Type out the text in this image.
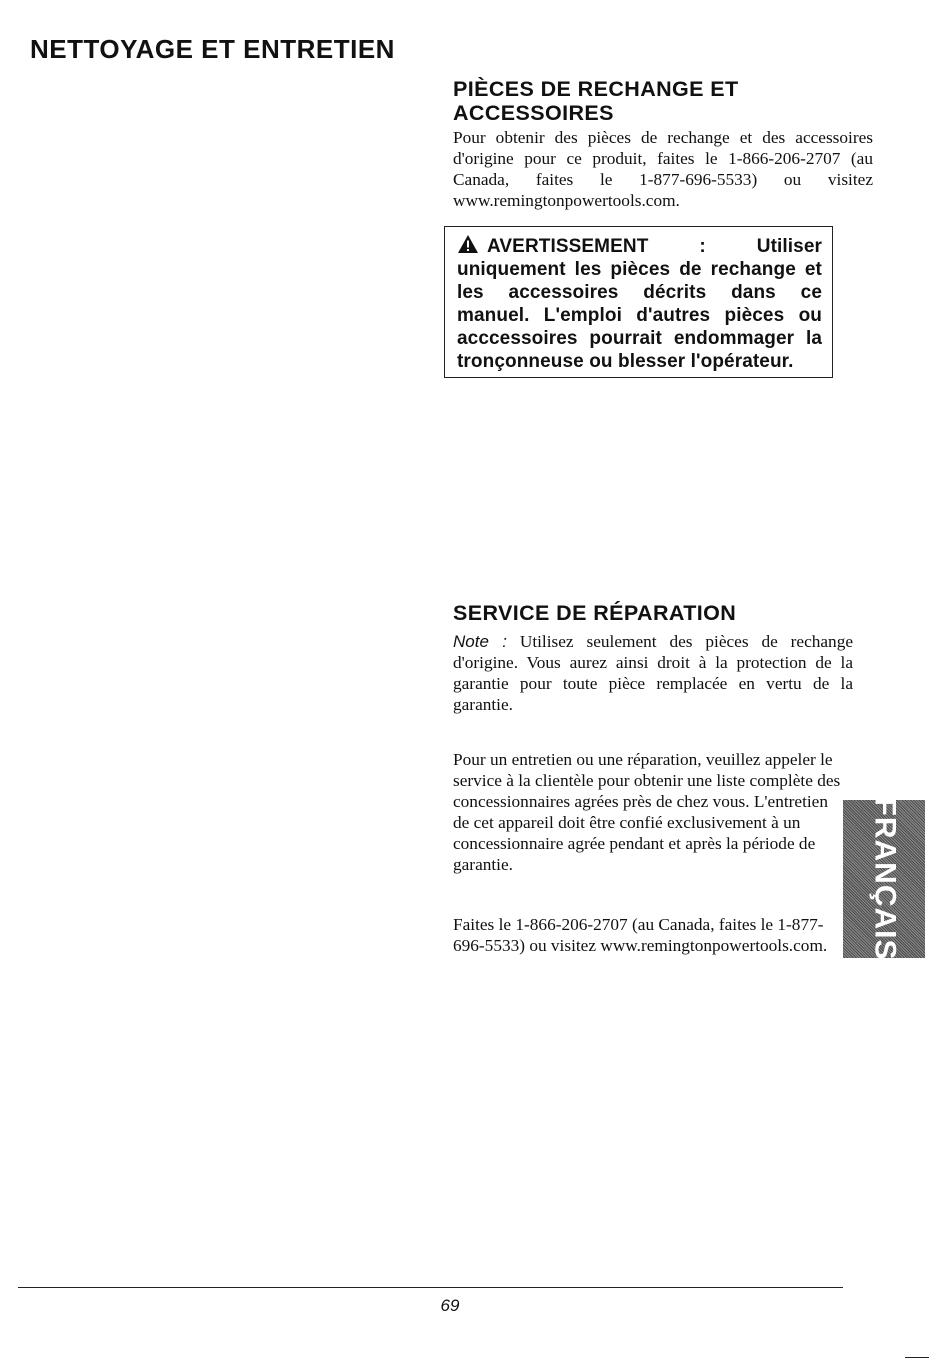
NETTOYAGE ET ENTRETIEN
PIÈCES DE RECHANGE ET
ACCESSOIRES

Pour obtenir des pièces de rechange et des accessoires d'origine pour ce produit, faites le 1-866-206-2707 (au Canada, faites le 1-877-696-5533) ou visitez www.remingtonpowertools.com.

AVERTISSEMENT : Utiliser uniquement les pièces de rechange et les accessoires décrits dans ce manuel. L'emploi d'autres pièces ou acccessoires pourrait endommager la tronçonneuse ou blesser l'opérateur.
SERVICE DE RÉPARATION

Note : Utilisez seulement des pièces de rechange d'origine. Vous aurez ainsi droit à la protection de la garantie pour toute pièce remplacée en vertu de la garantie.

Pour un entretien ou une réparation, veuillez appeler le service à la clientèle pour obtenir une liste complète des concessionnaires agrées près de chez vous. L'entretien de cet appareil doit être confié exclusivement à un concessionnaire agrée pendant et après la période de garantie.

Faites le 1-866-206-2707 (au Canada, faites le 1-877-696-5533) ou visitez www.remingtonpowertools.com.	FRANÇAIS
69
